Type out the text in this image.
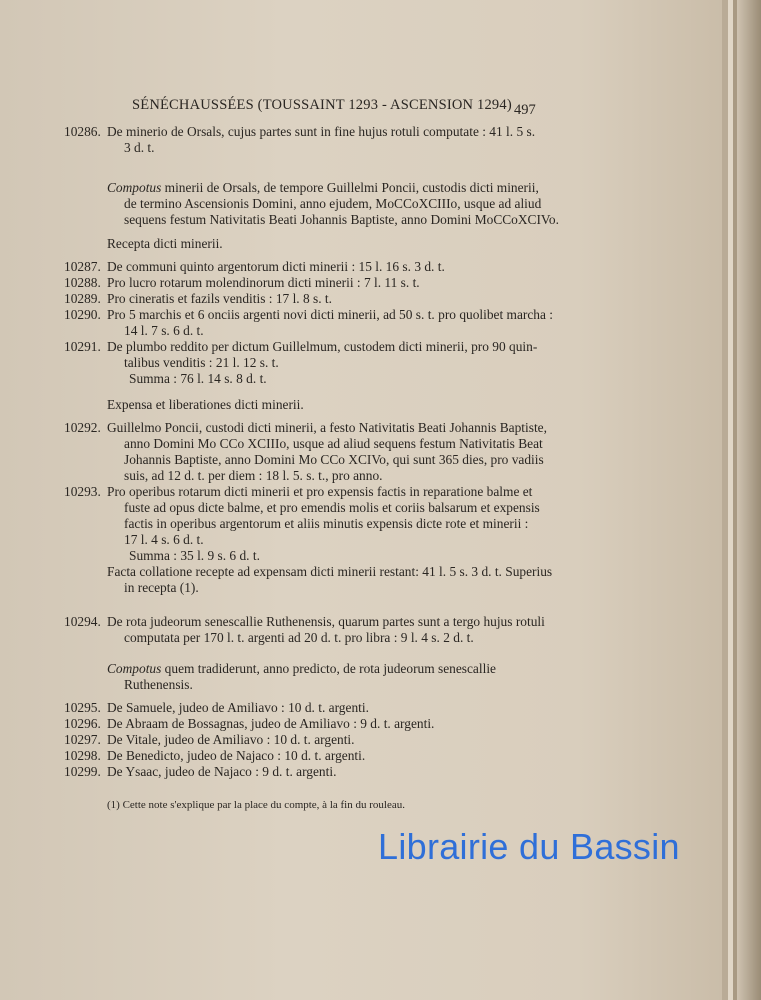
SÉNÉCHAUSSÉES (TOUSSAINT 1293 - ASCENSION 1294) 497
10286. De minerio de Orsals, cujus partes sunt in fine hujus rotuli computate : 41 l. 5 s.
3 d. t.
Compotus minerii de Orsals, de tempore Guillelmi Poncii, custodis dicti minerii,
de termino Ascensionis Domini, anno ejudem, MoCCoXCIIIo, usque ad aliud
sequens festum Nativitatis Beati Johannis Baptiste, anno Domini MoCCoXCIVo.
Recepta dicti minerii.
10287. De communi quinto argentorum dicti minerii : 15 l. 16 s. 3 d. t.
10288. Pro lucro rotarum molendinorum dicti minerii : 7 l. 11 s. t.
10289. Pro cineratis et fazils venditis : 17 l. 8 s. t.
10290. Pro 5 marchis et 6 onciis argenti novi dicti minerii, ad 50 s. t. pro quolibet marcha :
14 l. 7 s. 6 d. t.
10291. De plumbo reddito per dictum Guillelmum, custodem dicti minerii, pro 90 quin-
talibus venditis : 21 l. 12 s. t.
Summa : 76 l. 14 s. 8 d. t.
Expensa et liberationes dicti minerii.
10292. Guillelmo Poncii, custodi dicti minerii, a festo Nativitatis Beati Johannis Baptiste,
anno Domini Mo CCo XCIIIo, usque ad aliud sequens festum Nativitatis Beat
Johannis Baptiste, anno Domini Mo CCo XCIVo, qui sunt 365 dies, pro vadiis
suis, ad 12 d. t. per diem : 18 l. 5. s. t., pro anno.
10293. Pro operibus rotarum dicti minerii et pro expensis factis in reparatione balme et
fuste ad opus dicte balme, et pro emendis molis et coriis balsarum et expensis
factis in operibus argentorum et aliis minutis expensis dicte rote et minerii :
17 l. 4 s. 6 d. t.
Summa : 35 l. 9 s. 6 d. t.
Facta collatione recepte ad expensam dicti minerii restant: 41 l. 5 s. 3 d. t. Superius
in recepta (1).
10294. De rota judeorum senescallie Ruthenensis, quarum partes sunt a tergo hujus rotuli
computata per 170 l. t. argenti ad 20 d. t. pro libra : 9 l. 4 s. 2 d. t.
Compotus quem tradiderunt, anno predicto, de rota judeorum senescallie
Ruthenensis.
10295. De Samuele, judeo de Amiliavo : 10 d. t. argenti.
10296. De Abraam de Bossagnas, judeo de Amiliavo : 9 d. t. argenti.
10297. De Vitale, judeo de Amiliavo : 10 d. t. argenti.
10298. De Benedicto, judeo de Najaco : 10 d. t. argenti.
10299. De Ysaac, judeo de Najaco : 9 d. t. argenti.
(1) Cette note s'explique par la place du compte, à la fin du rouleau.
Librairie du Bassin
